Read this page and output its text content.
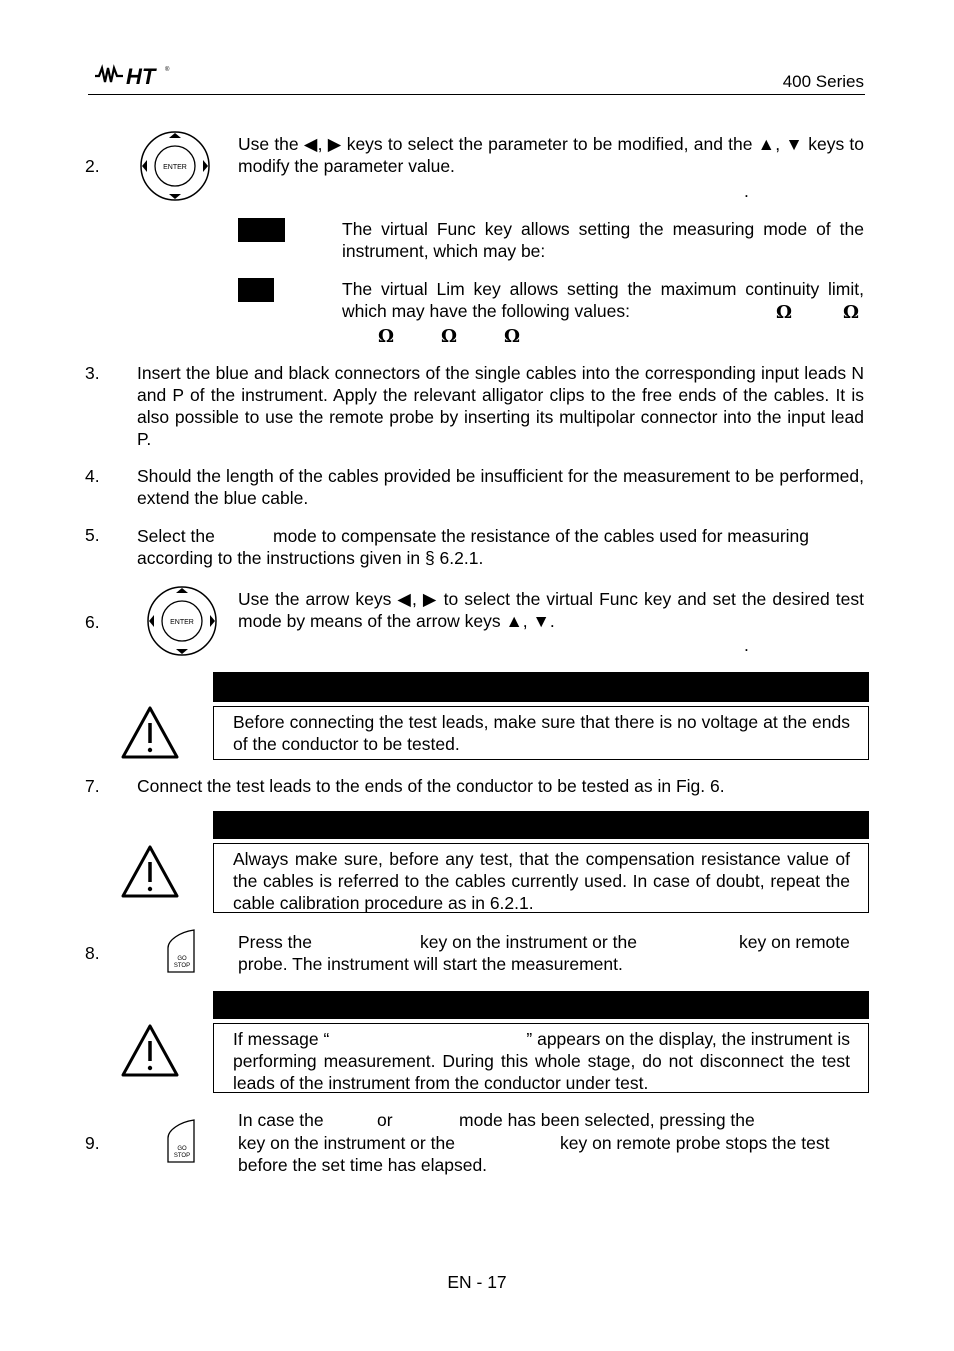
HT ®
400 Series
2.	ENTER
Use the ◀, ▶ keys to select the parameter to be modified, and the ▲, ▼ keys to modify the parameter value.
.
The virtual Func key allows setting the measuring mode of the instrument, which may be:
The virtual Lim key allows setting the maximum continuity limit, which may have the following values:	Ω	Ω
Ω	Ω	Ω
3. Insert the blue and black connectors of the single cables into the corresponding input leads N and P of the instrument. Apply the relevant alligator clips to the free ends of the cables. It is also possible to use the remote probe by inserting its multipolar connector into the input lead P.
4. Should the length of the cables provided be insufficient for the measurement to be performed, extend the blue cable.
5. Select the	mode to compensate the resistance of the cables used for measuring
according to the instructions given in § 6.2.1.
6.	ENTER
Use the arrow keys ◀, ▶ to select the virtual Func key and set the desired test mode by means of the arrow keys ▲, ▼.
.
Before connecting the test leads, make sure that there is no voltage at the ends of the conductor to be tested.
7. Connect the test leads to the ends of the conductor to be tested as in Fig. 6.
Always make sure, before any test, that the compensation resistance value of the cables is referred to the cables currently used. In case of doubt, repeat the cable calibration procedure as in 6.2.1.
8.	GO
STOP
Press the	key on the instrument or the	key on remote
probe. The instrument will start the measurement.
If message “	” appears on the display, the instrument is
performing measurement. During this whole stage, do not disconnect the test leads of the instrument from the conductor under test.
9.	GO
STOP
In case the	or	mode has been selected, pressing the
key on the instrument or the	key on remote probe stops the test
before the set time has elapsed.
EN - 17
